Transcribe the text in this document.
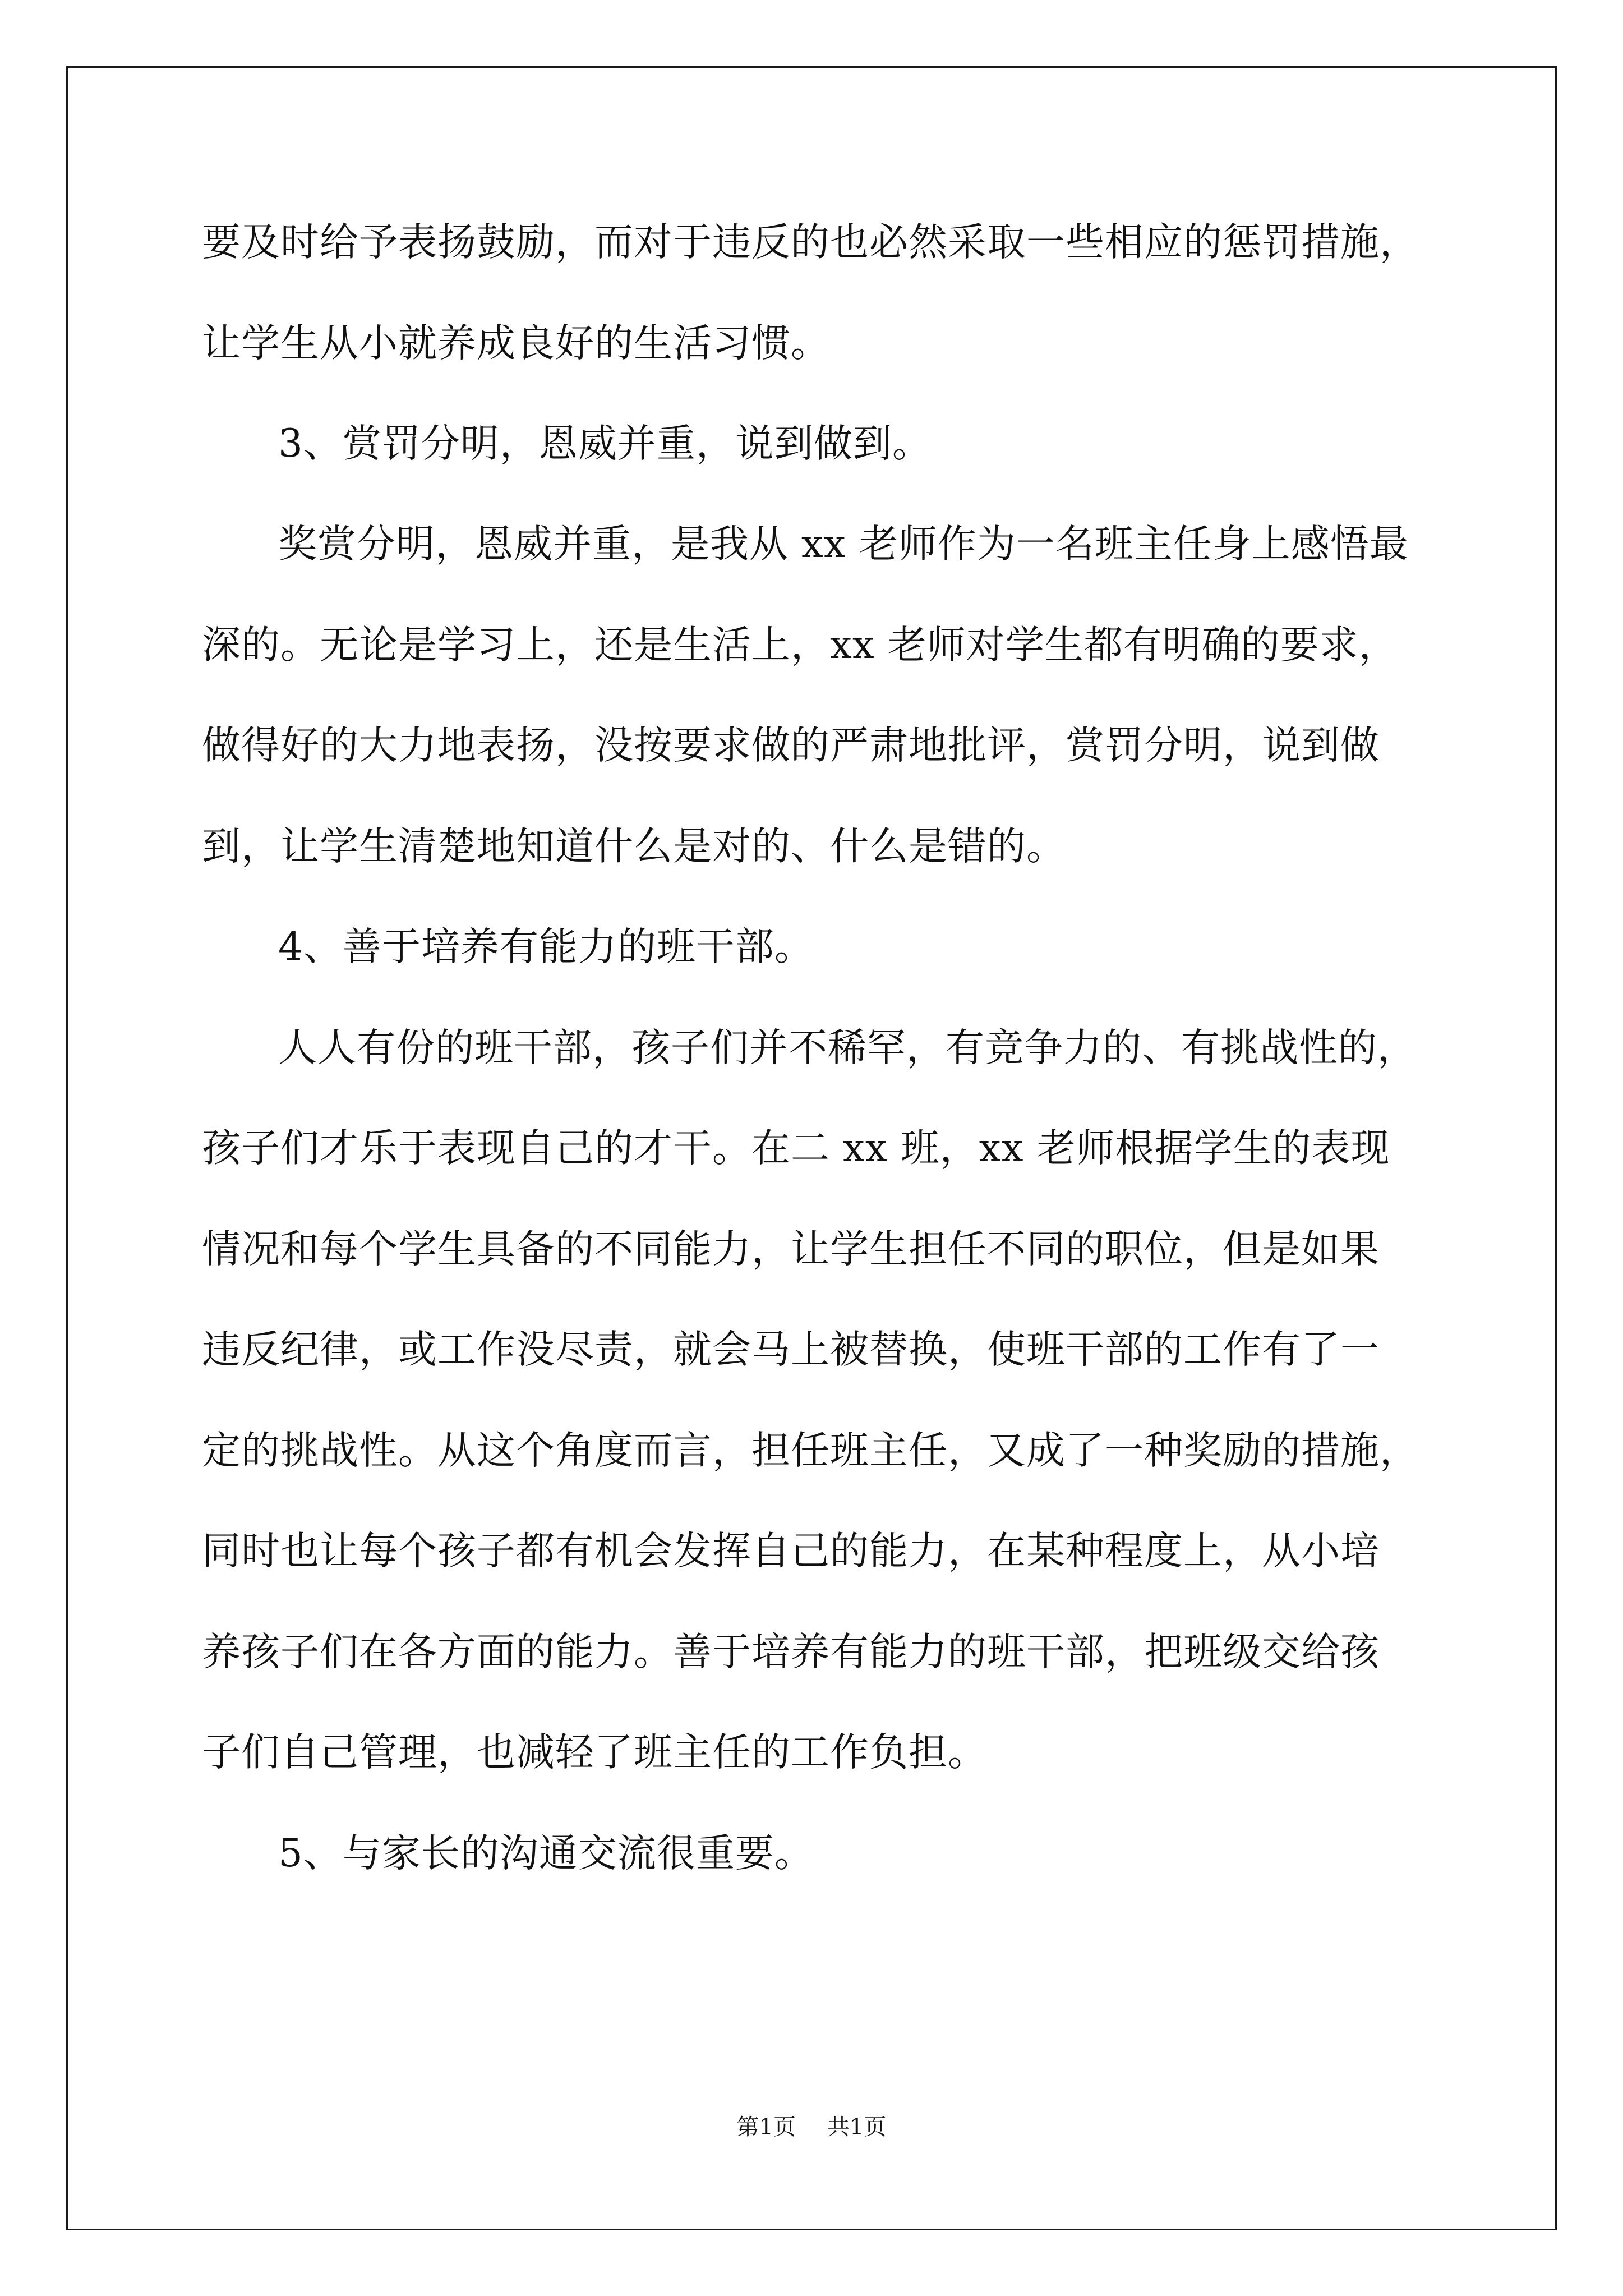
要及时给予表扬鼓励，而对于违反的也必然采取一些相应的惩罚措施，
让学生从小就养成良好的生活习惯。
3、赏罚分明，恩威并重，说到做到。
奖赏分明，恩威并重，是我从 xx 老师作为一名班主任身上感悟最
深的。无论是学习上，还是生活上，xx 老师对学生都有明确的要求，
做得好的大力地表扬，没按要求做的严肃地批评，赏罚分明，说到做
到，让学生清楚地知道什么是对的、什么是错的。
4、善于培养有能力的班干部。
人人有份的班干部，孩子们并不稀罕，有竞争力的、有挑战性的，
孩子们才乐于表现自己的才干。在二 xx 班，xx 老师根据学生的表现
情况和每个学生具备的不同能力，让学生担任不同的职位，但是如果
违反纪律，或工作没尽责，就会马上被替换，使班干部的工作有了一
定的挑战性。从这个角度而言，担任班主任，又成了一种奖励的措施，
同时也让每个孩子都有机会发挥自己的能力，在某种程度上，从小培
养孩子们在各方面的能力。善于培养有能力的班干部，把班级交给孩
子们自己管理，也减轻了班主任的工作负担。
5、与家长的沟通交流很重要。
第1页 共1页
